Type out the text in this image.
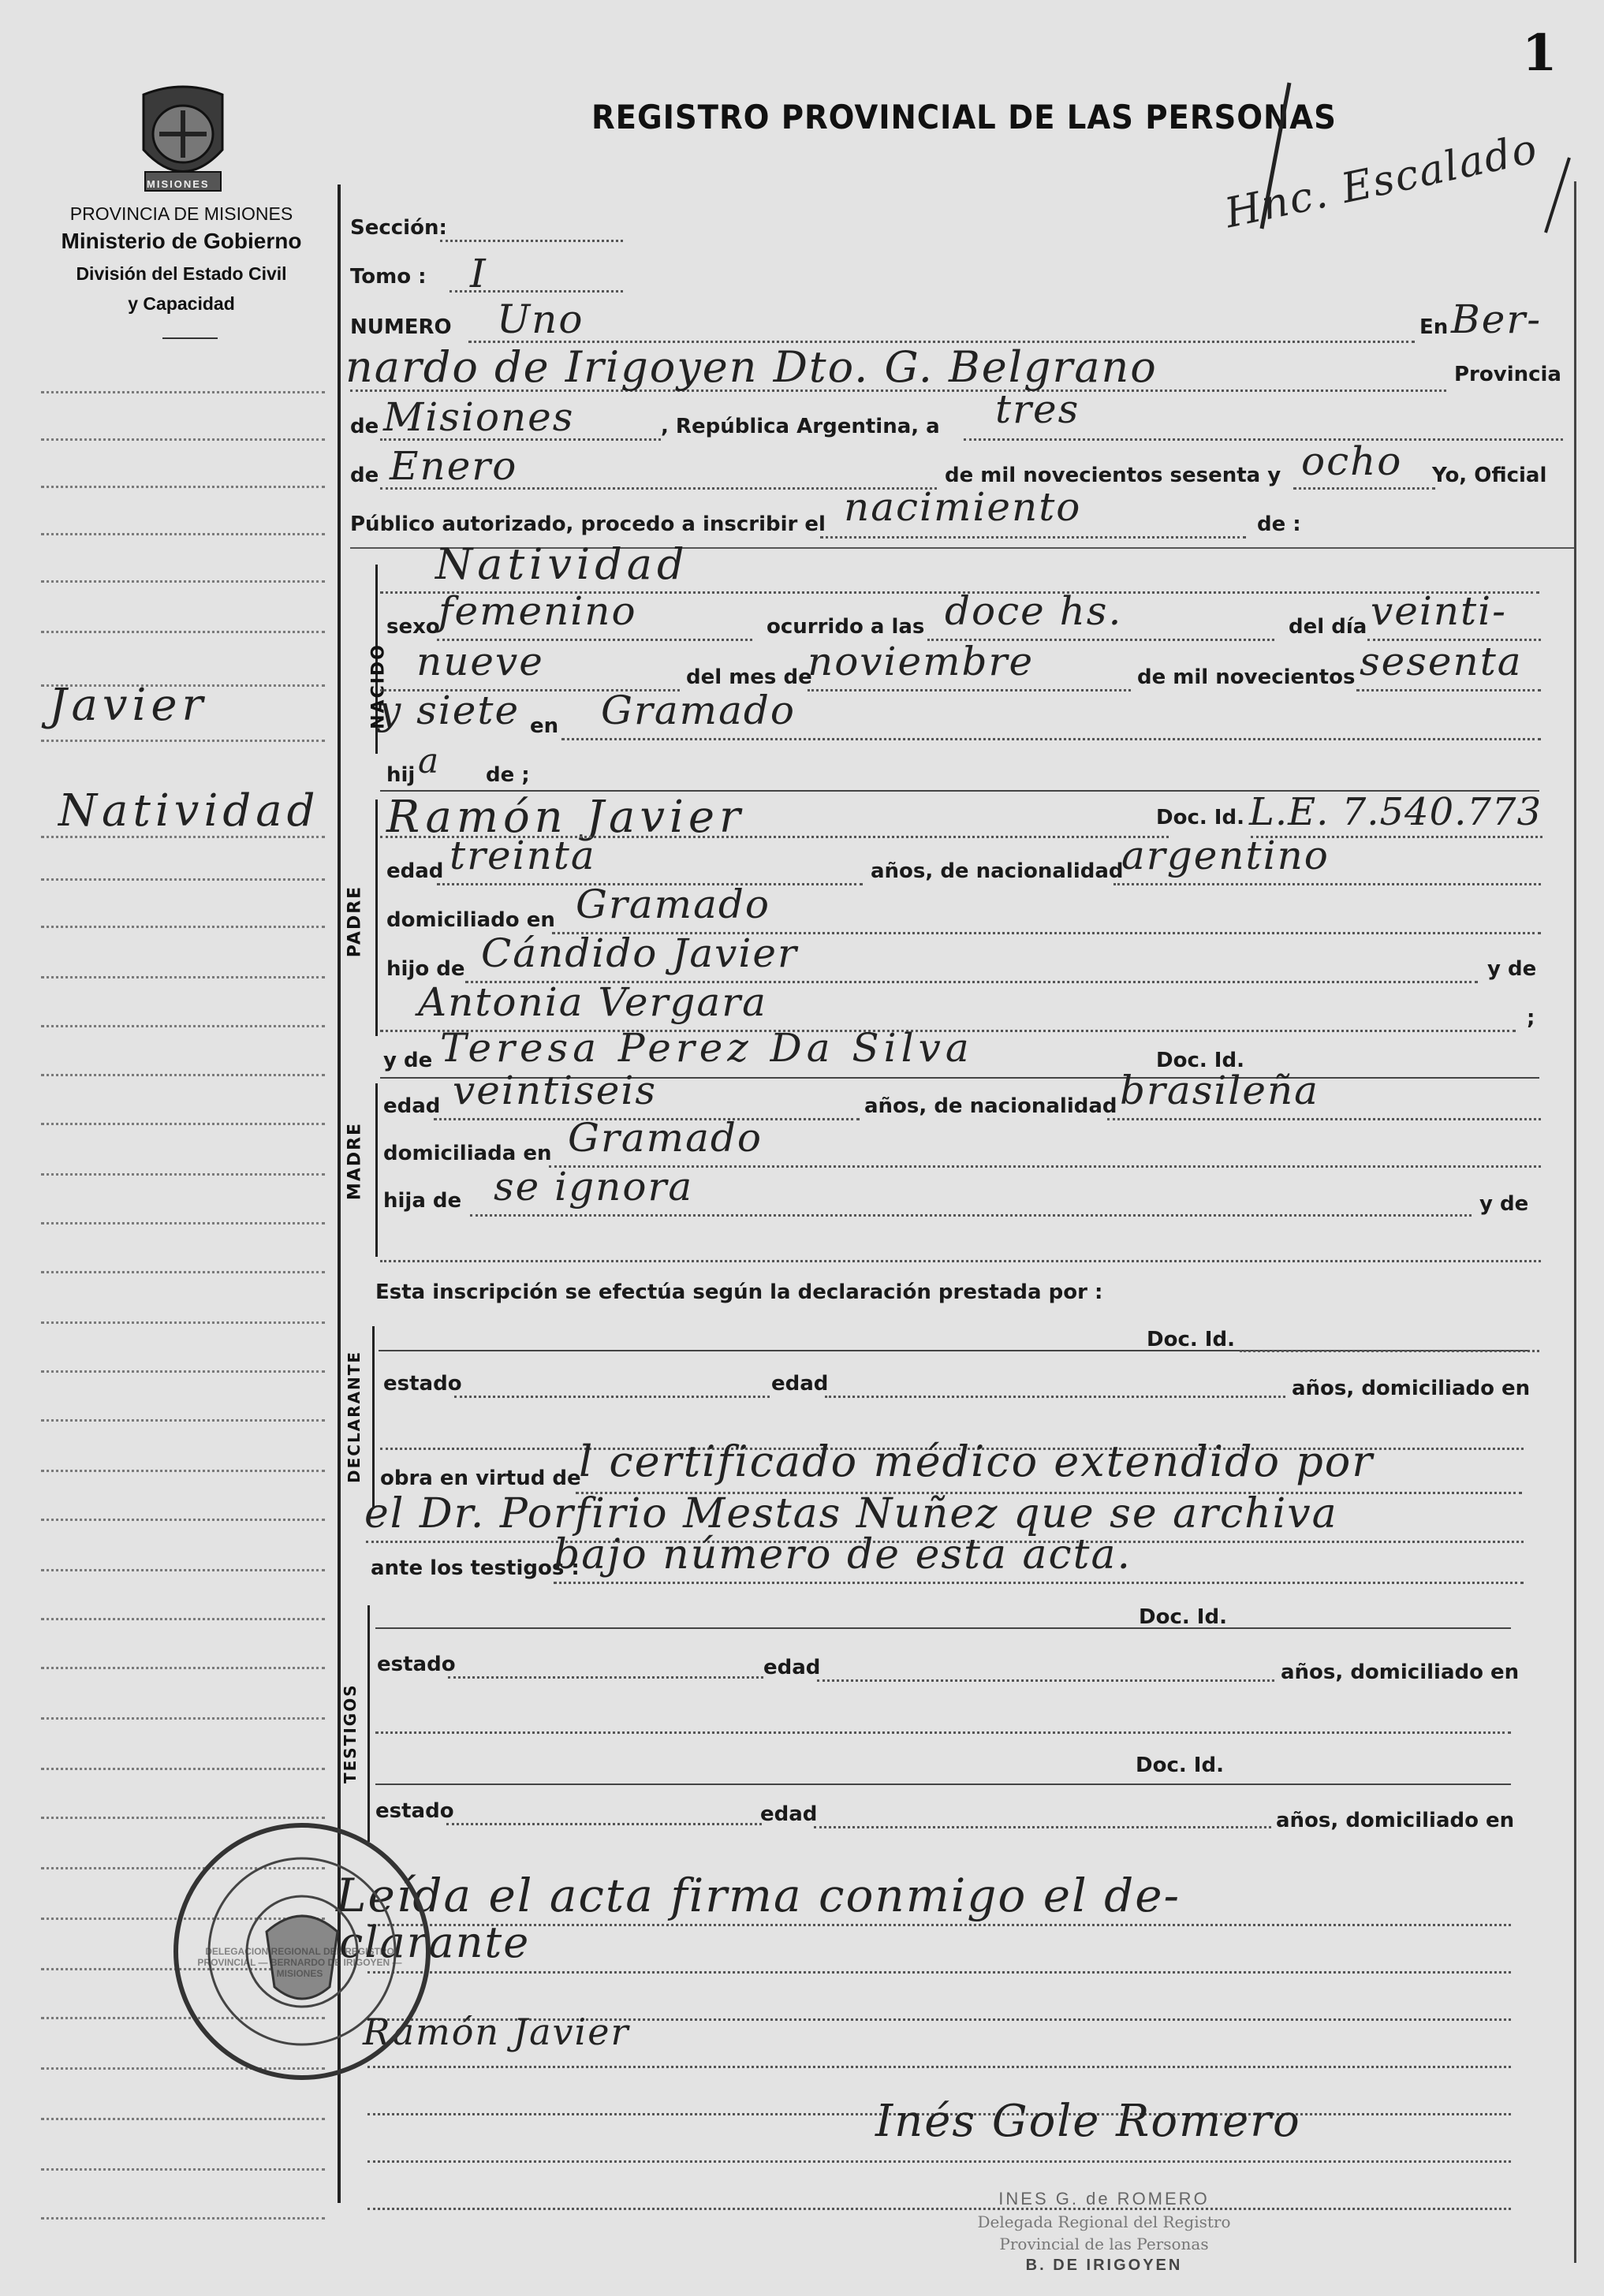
1
MISIONES
PROVINCIA DE MISIONES
Ministerio de Gobierno
División del Estado Civil
y Capacidad
REGISTRO PROVINCIAL DE LAS PERSONAS
Hnc. Escalado
Javier
Natividad
Sección:
Tomo : I
NUMERO Uno	En Ber-
nardo de Irigoyen Dto. G. Belgrano	Provincia
de Misiones	, República Argentina, a tres
de Enero	de mil novecientos sesenta y ocho Yo, Oficial
Público autorizado, procedo a inscribir el nacimiento	de :
Natividad
NACIDO
sexo
femenino	ocurrido a las doce hs.	del día veinti-
nueve	del mes de
noviembre	de mil novecientos sesenta
y siete en Gramado
hij a de ;
PADRE
Ramón Javier	Doc. Id. L.E. 7.540.773
edad treinta	años, de nacionalidad
argentino
domiciliado en Gramado
hijo de Cándido Javier	y de
Antonia Vergara	;
y de Teresa Perez Da Silva	Doc. Id.
MADRE
edad veintiseis	años, de nacionalidad brasileña
domiciliada en Gramado
hija de se ignora	y de
Esta inscripción se efectúa según la declaración prestada por :
DECLARANTE
Doc. Id.
estado	edad	años, domiciliado en
obra en virtud de
l certificado médico extendido por
el Dr. Porfirio Mestas Nuñez que se archiva
ante los testigos :
bajo número de esta acta.
TESTIGOS
Doc. Id.
estado	edad	años, domiciliado en
Doc. Id.
estado	edad	años, domiciliado en
Leída el acta firma conmigo el de-
clarante
Ramón Javier
Inés Gole Romero
DELEGACION REGIONAL DEL REGISTRO PROVINCIAL — BERNARDO DE IRIGOYEN — MISIONES
INES G. de ROMERO
Delegada Regional del Registro
Provincial de las Personas
B. DE IRIGOYEN
